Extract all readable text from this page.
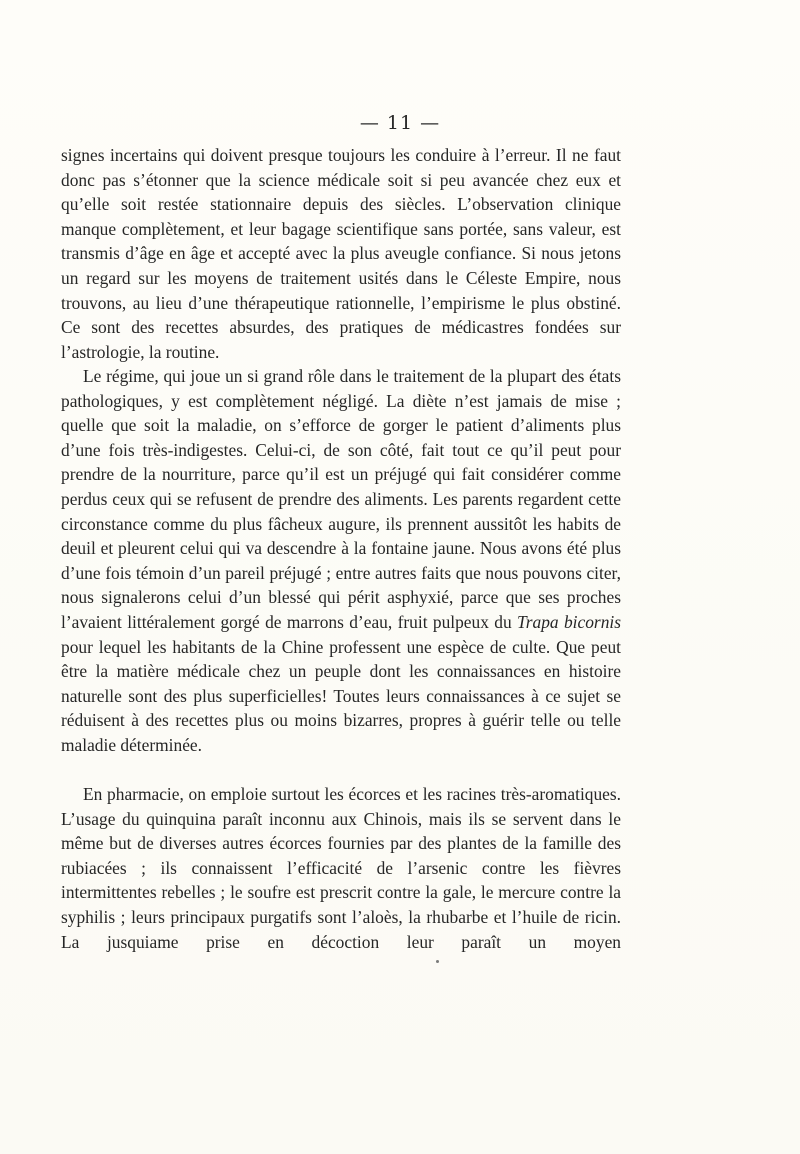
— 11 —

signes incertains qui doivent presque toujours les conduire à l’erreur. Il ne faut donc pas s’étonner que la science médicale soit si peu avancée chez eux et qu’elle soit restée stationnaire depuis des siècles. L’observation clinique manque complètement, et leur bagage scientifique sans portée, sans valeur, est transmis d’âge en âge et accepté avec la plus aveugle confiance. Si nous jetons un regard sur les moyens de traitement usités dans le Céleste Empire, nous trouvons, au lieu d’une thérapeutique rationnelle, l’empirisme le plus obstiné. Ce sont des recettes absurdes, des pratiques de médicastres fondées sur l’astrologie, la routine.

Le régime, qui joue un si grand rôle dans le traitement de la plupart des états pathologiques, y est complètement négligé. La diète n’est jamais de mise ; quelle que soit la maladie, on s’efforce de gorger le patient d’aliments plus d’une fois très-indigestes. Celui-ci, de son côté, fait tout ce qu’il peut pour prendre de la nourriture, parce qu’il est un préjugé qui fait considérer comme perdus ceux qui se refusent de prendre des aliments. Les parents regardent cette circonstance comme du plus fâcheux augure, ils prennent aussitôt les habits de deuil et pleurent celui qui va descendre à la fontaine jaune. Nous avons été plus d’une fois témoin d’un pareil préjugé ; entre autres faits que nous pouvons citer, nous signalerons celui d’un blessé qui périt asphyxié, parce que ses proches l’avaient littéralement gorgé de marrons d’eau, fruit pulpeux du Trapa bicornis pour lequel les habitants de la Chine professent une espèce de culte. Que peut être la matière médicale chez un peuple dont les connaissances en histoire naturelle sont des plus superficielles! Toutes leurs connaissances à ce sujet se réduisent à des recettes plus ou moins bizarres, propres à guérir telle ou telle maladie déterminée.

En pharmacie, on emploie surtout les écorces et les racines très-aromatiques. L’usage du quinquina paraît inconnu aux Chinois, mais ils se servent dans le même but de diverses autres écorces fournies par des plantes de la famille des rubiacées ; ils connaissent l’efficacité de l’arsenic contre les fièvres intermittentes rebelles ; le soufre est prescrit contre la gale, le mercure contre la syphilis ; leurs principaux purgatifs sont l’aloès, la rhubarbe et l’huile de ricin. La jusquiame prise en décoction leur paraît un moyen
